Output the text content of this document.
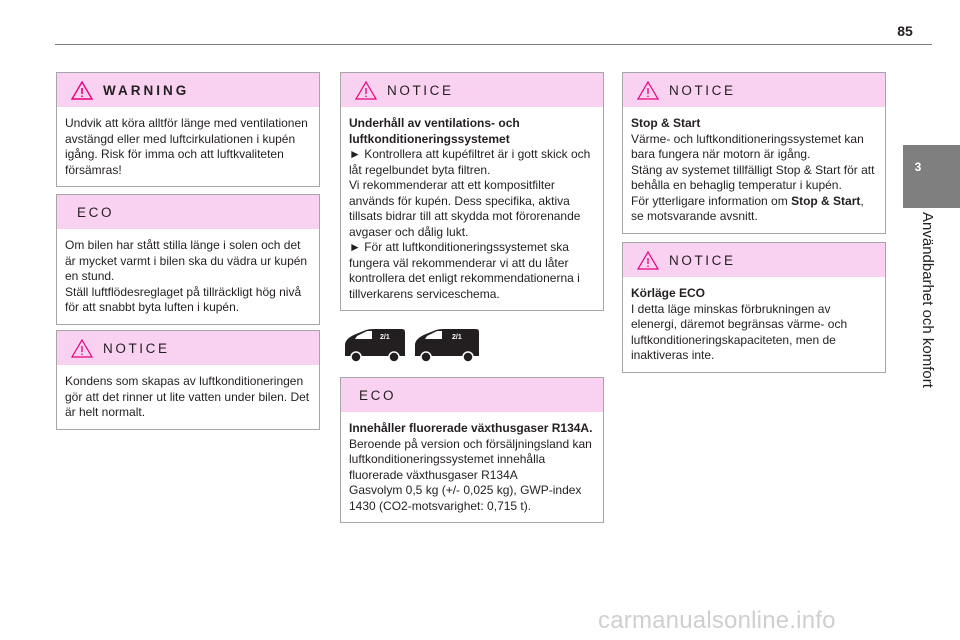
85
WARNING

Undvik att köra alltför länge med ventilationen avstängd eller med luftcirkulationen i kupén igång. Risk för imma och att luftkvaliteten försämras!

ECO

Om bilen har stått stilla länge i solen och det är mycket varmt i bilen ska du vädra ur kupén en stund.

Ställ luftflödesreglaget på tillräckligt hög nivå för att snabbt byta luften i kupén.

NOTICE

Kondens som skapas av luftkonditioneringen gör att det rinner ut lite vatten under bilen. Det är helt normalt.

NOTICE

Underhåll av ventilations- och luftkonditioneringssystemet

► Kontrollera att kupéfiltret är i gott skick och låt regelbundet byta filtren.

Vi rekommenderar att ett kompositfilter används för kupén. Dess specifika, aktiva tillsats bidrar till att skydda mot förorenande avgaser och dålig lukt.

► För att luftkonditioneringssystemet ska fungera väl rekommenderar vi att du låter kontrollera det enligt rekommendationerna i tillverkarens serviceschema.

2/1	2/1
ECO

Innehåller fluorerade växthusgaser R134A.

Beroende på version och försäljningsland kan luftkonditioneringssystemet innehålla fluorerade växthusgaser R134A

Gasvolym 0,5 kg (+/- 0,025 kg), GWP-index 1430 (CO2-motsvarighet: 0,715 t).

NOTICE

Stop & Start

Värme- och luftkonditioneringssystemet kan bara fungera när motorn är igång.

Stäng av systemet tillfälligt Stop & Start för att behålla en behaglig temperatur i kupén.

För ytterligare information om Stop & Start, se motsvarande avsnitt.

NOTICE

Körläge ECO

I detta läge minskas förbrukningen av elenergi, däremot begränsas värme- och luftkonditioneringskapaciteten, men de inaktiveras inte.

3
Användbarhet och komfort
carmanualsonline.info
